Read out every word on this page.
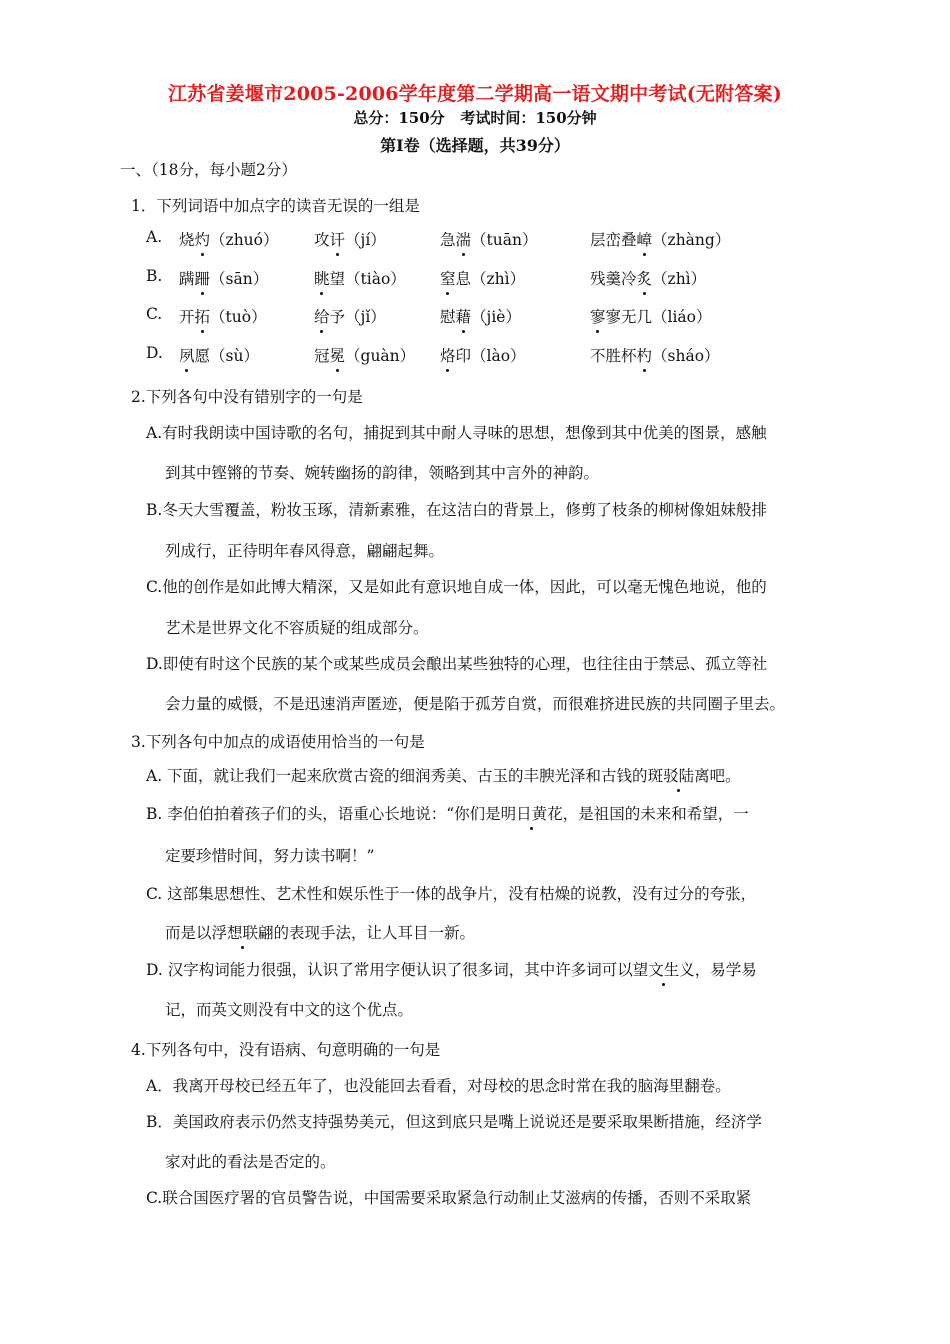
江苏省姜堰市2005-2006学年度第二学期高一语文期中考试(无附答案)
总分：150分   考试时间：150分钟
第Ⅰ卷（选择题，共39分）
一、（18分，每小题2分）
1．下列词语中加点字的读音无误的一组是
A. 烧灼（zhuó） 攻讦（jí）	急湍（tuān）	层峦叠嶂（zhàng）
B. 蹒跚（sān）	眺望（tiào） 窒息（zhì）	残羹冷炙（zhì）
C. 开拓（tuò）	给予（jǐ）	慰藉（jiè）	寥寥无几（liáo）
D. 夙愿（sù）	冠冕（guàn） 烙印（lào）	不胜杯杓（sháo）
2.下列各句中没有错别字的一句是
A.有时我朗读中国诗歌的名句，捕捉到其中耐人寻味的思想，想像到其中优美的图景，感触
到其中铿锵的节奏、婉转幽扬的韵律，领略到其中言外的神韵。
B.冬天大雪覆盖，粉妆玉琢，清新素雅，在这洁白的背景上，修剪了枝条的柳树像姐妹般排
列成行，正待明年春风得意，翩翩起舞。
C.他的创作是如此博大精深，又是如此有意识地自成一体，因此，可以毫无愧色地说，他的
艺术是世界文化不容质疑的组成部分。
D.即使有时这个民族的某个或某些成员会酿出某些独特的心理，也往往由于禁忌、孤立等社
会力量的威慑，不是迅速消声匿迹，便是陷于孤芳自赏，而很难挤进民族的共同圈子里去。
3.下列各句中加点的成语使用恰当的一句是
A. 下面，就让我们一起来欣赏古瓷的细润秀美、古玉的丰腴光泽和古钱的斑驳陆离吧。
B. 李伯伯拍着孩子们的头，语重心长地说：“你们是明日黄花，是祖国的未来和希望，一
定要珍惜时间，努力读书啊！”
C. 这部集思想性、艺术性和娱乐性于一体的战争片，没有枯燥的说教，没有过分的夸张，
而是以浮想联翩的表现手法，让人耳目一新。
D. 汉字构词能力很强，认识了常用字便认识了很多词，其中许多词可以望文生义，易学易
记，而英文则没有中文的这个优点。
4.下列各句中，没有语病、句意明确的一句是
A．我离开母校已经五年了，也没能回去看看，对母校的思念时常在我的脑海里翻卷。
B．美国政府表示仍然支持强势美元，但这到底只是嘴上说说还是要采取果断措施，经济学
家对此的看法是否定的。
C.联合国医疗署的官员警告说，中国需要采取紧急行动制止艾滋病的传播，否则不采取紧
